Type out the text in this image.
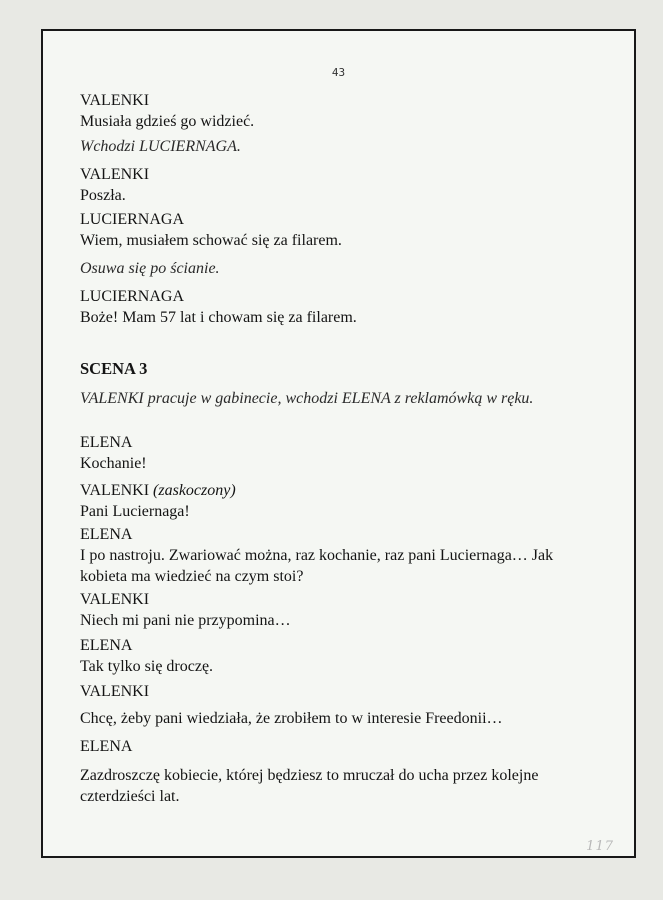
43
VALENKI
Musiała gdzieś go widzieć.
Wchodzi LUCIERNAGA.
VALENKI
Poszła.
LUCIERNAGA
Wiem, musiałem schować się za filarem.
Osuwa się po ścianie.
LUCIERNAGA
Boże! Mam 57 lat i chowam się za filarem.
SCENA 3
VALENKI pracuje w gabinecie, wchodzi ELENA z reklamówką w ręku.
ELENA
Kochanie!
VALENKI (zaskoczony)
Pani Luciernaga!
ELENA
I po nastroju. Zwariować można, raz kochanie, raz pani Luciernaga… Jak
kobieta ma wiedzieć na czym stoi?
VALENKI
Niech mi pani nie przypomina…
ELENA
Tak tylko się droczę.
VALENKI
Chcę, żeby pani wiedziała, że zrobiłem to w interesie Freedonii…
ELENA
Zazdroszczę kobiecie, której będziesz to mruczał do ucha przez kolejne
czterdzieści lat.
117
